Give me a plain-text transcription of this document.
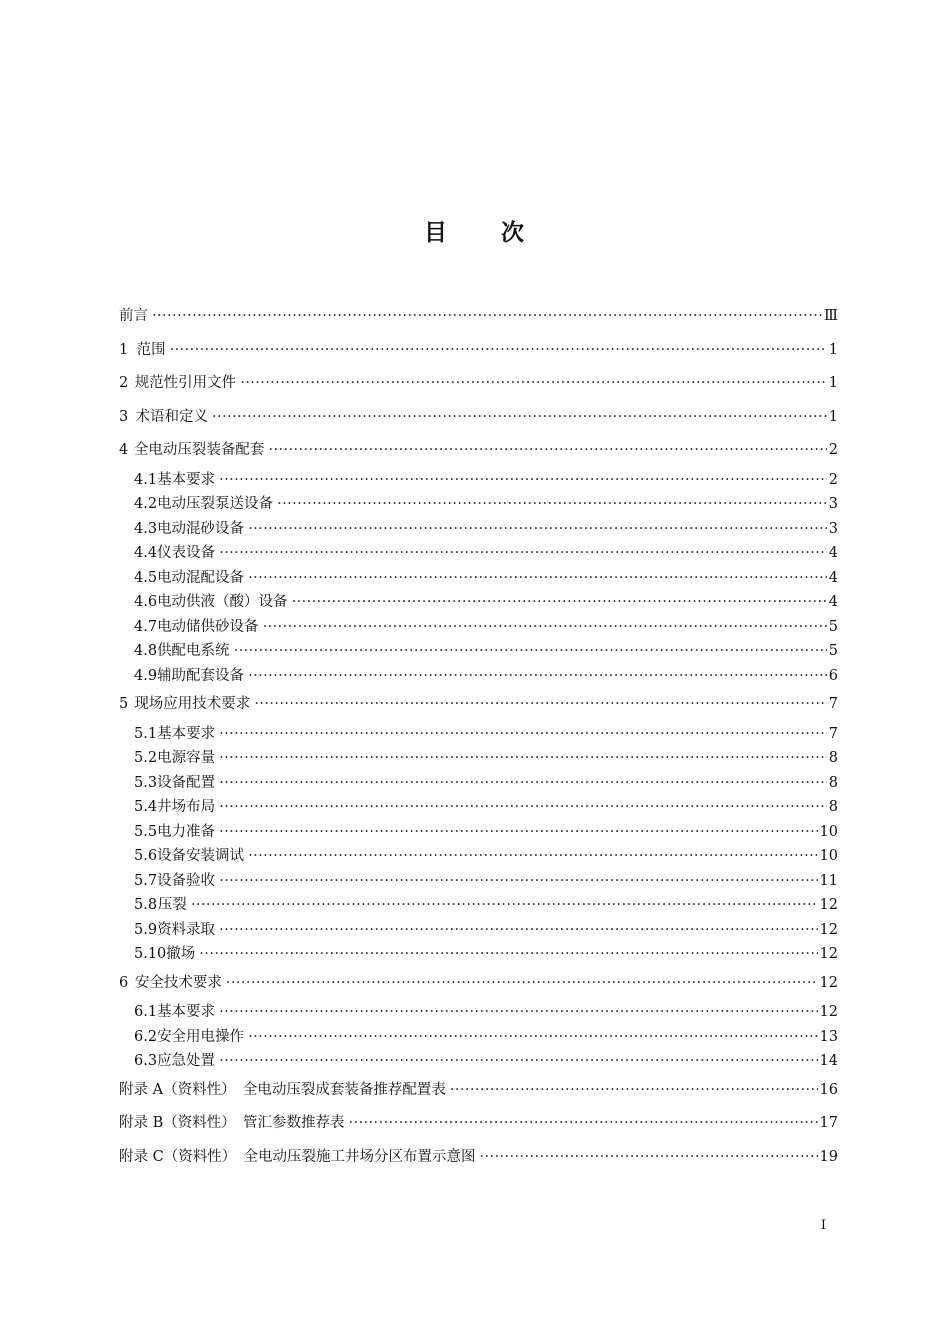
目 次
前言 ·····	Ⅲ
1 范围 ·····	1
2 规范性引用文件 ·····	1
3 术语和定义 ·····	1
4 全电动压裂装备配套 ·····	2
4.1 基本要求 ·····	2
4.2 电动压裂泵送设备 ·····	3
4.3 电动混砂设备 ·····	3
4.4 仪表设备 ·····	4
4.5 电动混配设备 ·····	4
4.6 电动供液（酸）设备 ·····	4
4.7 电动储供砂设备 ·····	5
4.8 供配电系统 ·····	5
4.9 辅助配套设备 ·····	6
5 现场应用技术要求 ·····	7
5.1 基本要求 ·····	7
5.2 电源容量 ·····	8
5.3 设备配置 ·····	8
5.4 井场布局 ·····	8
5.5 电力准备 ·····	10
5.6 设备安装调试 ·····	10
5.7 设备验收 ·····	11
5.8 压裂 ·····	12
5.9 资料录取 ·····	12
5.10 撤场 ·····	12
6 安全技术要求 ·····	12
6.1 基本要求 ·····	12
6.2 安全用电操作 ·····	13
6.3 应急处置 ·····	14
附录 A（资料性）　全电动压裂成套装备推荐配置表 ·····	16
附录 B（资料性）　管汇参数推荐表 ·····	17
附录 C（资料性）　全电动压裂施工井场分区布置示意图 ·····	19
I
